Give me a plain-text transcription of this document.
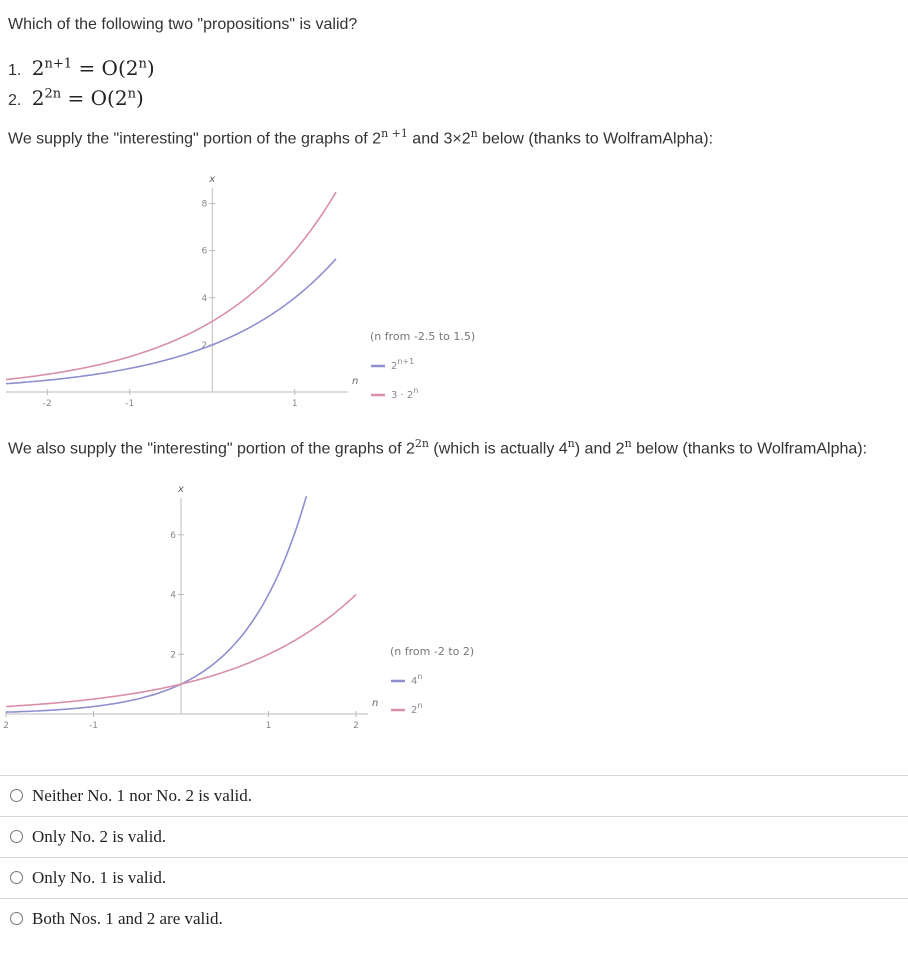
Which of the following two "propositions" is valid?
1. $2^{n+1} = O(2^n)$
2. $2^{2n} = O(2^n)$
We supply the "interesting" portion of the graphs of $2^{n +1}$ and $3\times 2^n$ below (thanks to WolframAlpha):
n
x
-2	-1	1
2
4
6
8
(n from -2.5 to 1.5)
$2^{n+1}$
$3 \cdot 2^n$
We also supply the "interesting" portion of the graphs of $2^{2n}$ (which is actually 4$^n$) and 2$^n$ below (thanks to WolframAlpha):
n
x
2	-1	1	2
2
4
6
(n from -2 to 2)
4$^n$
2$^n$
Neither No. 1 nor No. 2 is valid.
Only No. 2 is valid.
Only No. 1 is valid.
Both Nos. 1 and 2 are valid.
